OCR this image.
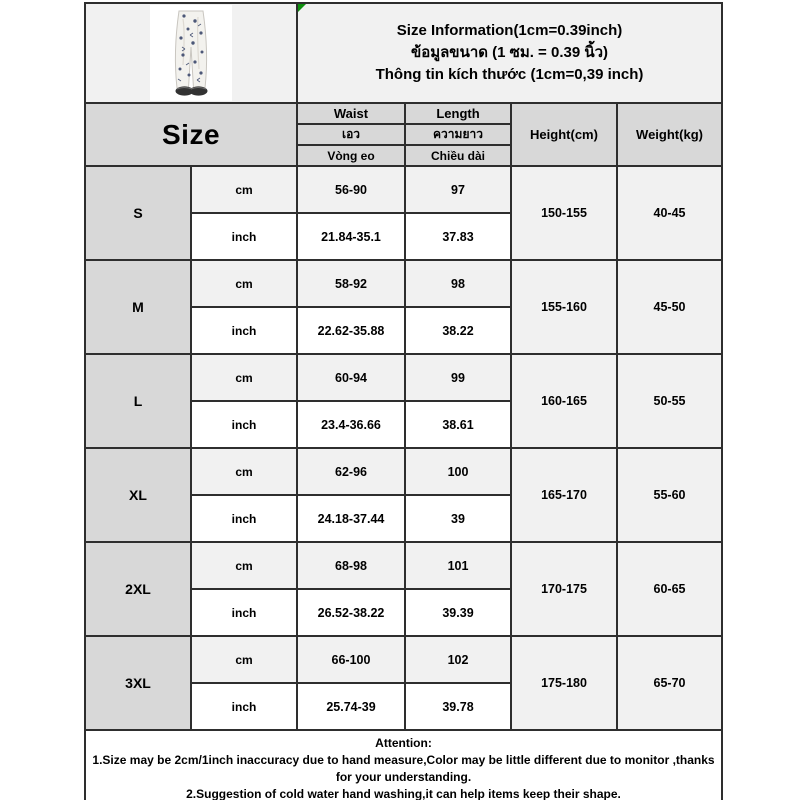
Size Information(1cm=0.39inch)
ข้อมูลขนาด (1 ซม. = 0.39 นิ้ว)
Thông tin kích thước (1cm=0,39 inch)			

Size		Waist	Length	Height(cm)	Weight(kg)
		เอว	ความยาว		
		Vòng eo	Chiều dài		
S	cm	56-90	97	150-155	40-45
	inch	21.84-35.1	37.83		
M	cm	58-92	98	155-160	45-50
	inch	22.62-35.88	38.22		
L	cm	60-94	99	160-165	50-55
	inch	23.4-36.66	38.61		
XL	cm	62-96	100	165-170	55-60
	inch	24.18-37.44	39		
2XL	cm	68-98	101	170-175	60-65
	inch	26.52-38.22	39.39		
3XL	cm	66-100	102	175-180	65-70
	inch	25.74-39	39.78		

Attention:
1.Size may be 2cm/1inch inaccuracy due to hand measure,Color may be little different due to monitor ,thanks for your understanding.
2.Suggestion of cold water hand washing,it can help items keep their shape.					
